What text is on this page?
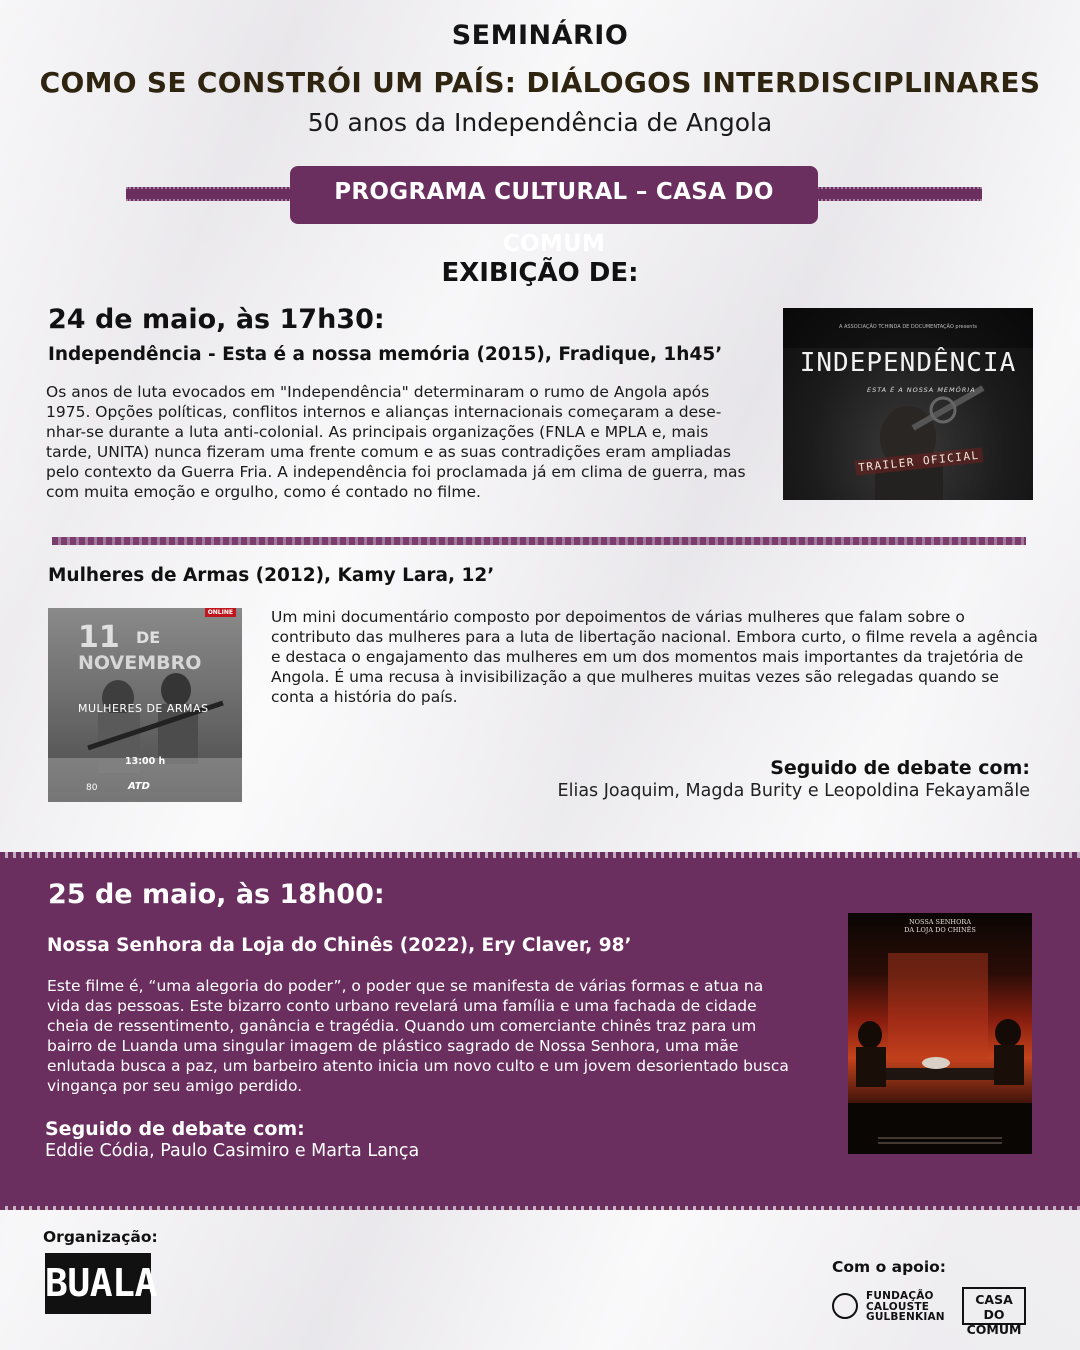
SEMINÁRIO
COMO SE CONSTRÓI UM PAÍS: DIÁLOGOS INTERDISCIPLINARES
50 anos da Independência de Angola
PROGRAMA CULTURAL – CASA DO COMUM
EXIBIÇÃO DE:
24 de maio, às 17h30:
Independência - Esta é a nossa memória (2015), Fradique, 1h45’
Os anos de luta evocados em "Independência" determinaram o rumo de Angola após 1975. Opções políticas, conflitos internos e alianças internacionais começaram a dese-nhar-se durante a luta anti-colonial. As principais organizações (FNLA e MPLA e, mais tarde, UNITA) nunca fizeram uma frente comum e as suas contradições eram ampliadas pelo contexto da Guerra Fria. A independência foi proclamada já em clima de guerra, mas com muita emoção e orgulho, como é contado no filme.
A ASSOCIAÇÃO TCHINDA DE DOCUMENTAÇÃO presents
INDEPENDÊNCIA
ESTA É A NOSSA MEMÓRIA
TRAILER OFICIAL
Mulheres de Armas (2012), Kamy Lara, 12’
ONLINE
11 DE
NOVEMBRO
MULHERES DE ARMAS
13:00 h
80	ATD
Um mini documentário composto por depoimentos de várias mulheres que falam sobre o contributo das mulheres para a luta de libertação nacional. Embora curto, o filme revela a agência e destaca o engajamento das mulheres em um dos momentos mais importantes da trajetória de Angola. É uma recusa à invisibilização a que mulheres muitas vezes são relegadas quando se conta a história do país.
Seguido de debate com:
Elias Joaquim, Magda Burity e Leopoldina Fekayamãle
25 de maio, às 18h00:
Nossa Senhora da Loja do Chinês (2022), Ery Claver, 98’
Este filme é, “uma alegoria do poder”, o poder que se manifesta de várias formas e atua na vida das pessoas. Este bizarro conto urbano revelará uma família e uma fachada de cidade cheia de ressentimento, ganância e tragédia. Quando um comerciante chinês traz para um bairro de Luanda uma singular imagem de plástico sagrado de Nossa Senhora, uma mãe enlutada busca a paz, um barbeiro atento inicia um novo culto e um jovem desorientado busca vingança por seu amigo perdido.
Seguido de debate com:
Eddie Códia, Paulo Casimiro e Marta Lança
NOSSA SENHORA
DA LOJA DO CHINÊS
Organização:
BUALA	Com o apoio:
FUNDAÇÃO
CALOUSTE
GULBENKIAN
CASA DO
COMUM
